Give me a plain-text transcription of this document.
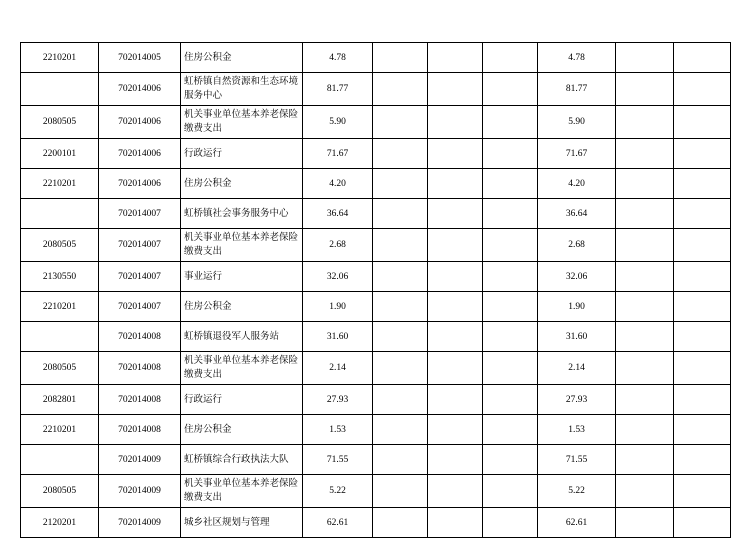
2210201	702014005	住房公积金	4.78				4.78		
	702014006	虹桥镇自然资源和生态环境服务中心	81.77				81.77		
2080505	702014006	机关事业单位基本养老保险缴费支出	5.90				5.90		
2200101	702014006	行政运行	71.67				71.67		
2210201	702014006	住房公积金	4.20				4.20		
	702014007	虹桥镇社会事务服务中心	36.64				36.64		
2080505	702014007	机关事业单位基本养老保险缴费支出	2.68				2.68		
2130550	702014007	事业运行	32.06				32.06		
2210201	702014007	住房公积金	1.90				1.90		
	702014008	虹桥镇退役军人服务站	31.60				31.60		
2080505	702014008	机关事业单位基本养老保险缴费支出	2.14				2.14		
2082801	702014008	行政运行	27.93				27.93		
2210201	702014008	住房公积金	1.53				1.53		
	702014009	虹桥镇综合行政执法大队	71.55				71.55		
2080505	702014009	机关事业单位基本养老保险缴费支出	5.22				5.22		
2120201	702014009	城乡社区规划与管理	62.61				62.61		
